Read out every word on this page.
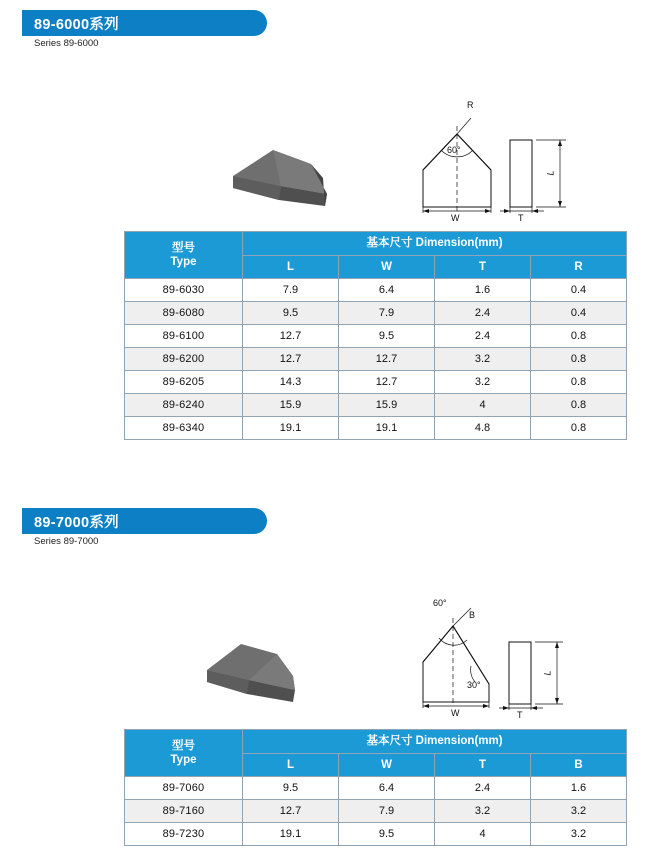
89-6000系列
Series 89-6000
R
60°
W
L
T
型号
Type	基本尺寸 Dimension(mm)			
	L	W	T	R
89-6030	7.9	6.4	1.6	0.4
89-6080	9.5	7.9	2.4	0.4
89-6100	12.7	9.5	2.4	0.8
89-6200	12.7	12.7	3.2	0.8
89-6205	14.3	12.7	3.2	0.8
89-6240	15.9	15.9	4	0.8
89-6340	19.1	19.1	4.8	0.8
89-7000系列
Series 89-7000
60°
B
30°
W
L
T
型号
Type	基本尺寸 Dimension(mm)			
	L	W	T	B
89-7060	9.5	6.4	2.4	1.6
89-7160	12.7	7.9	3.2	3.2
89-7230	19.1	9.5	4	3.2
